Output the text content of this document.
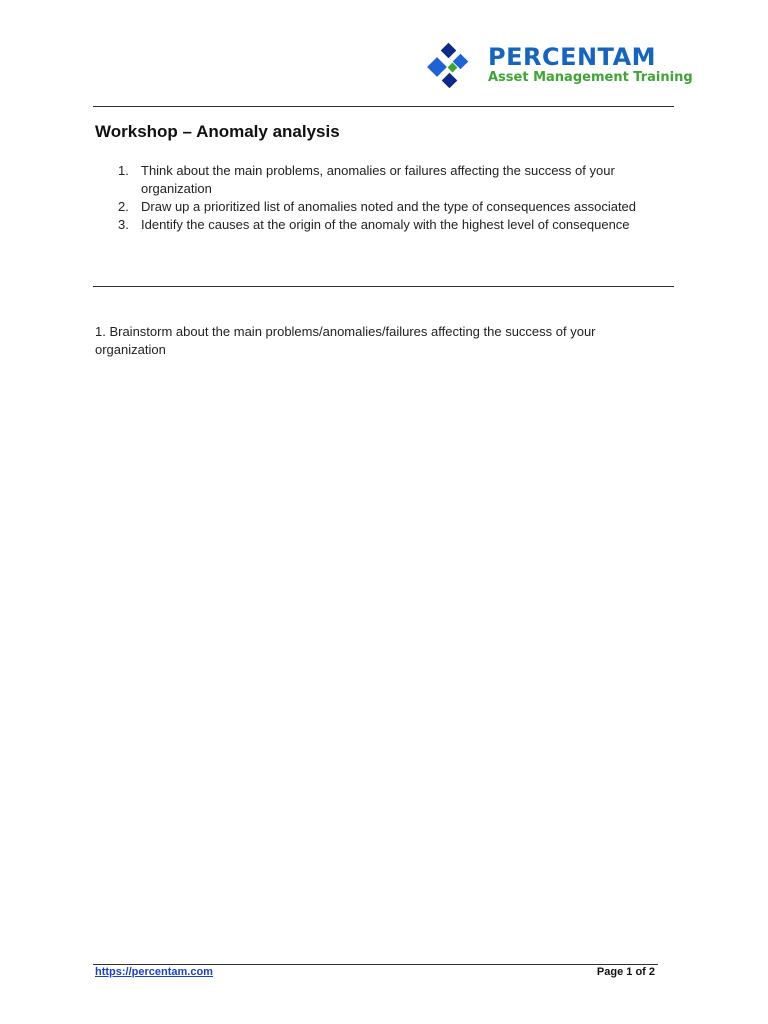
PERCENTAM
Asset Management Training
Workshop – Anomaly analysis
1. Think about the main problems, anomalies or failures affecting the success of your organization
2. Draw up a prioritized list of anomalies noted and the type of consequences associated
3. Identify the causes at the origin of the anomaly with the highest level of consequence
1. Brainstorm about the main problems/anomalies/failures affecting the success of your organization
https://percentam.com	Page 1 of 2
